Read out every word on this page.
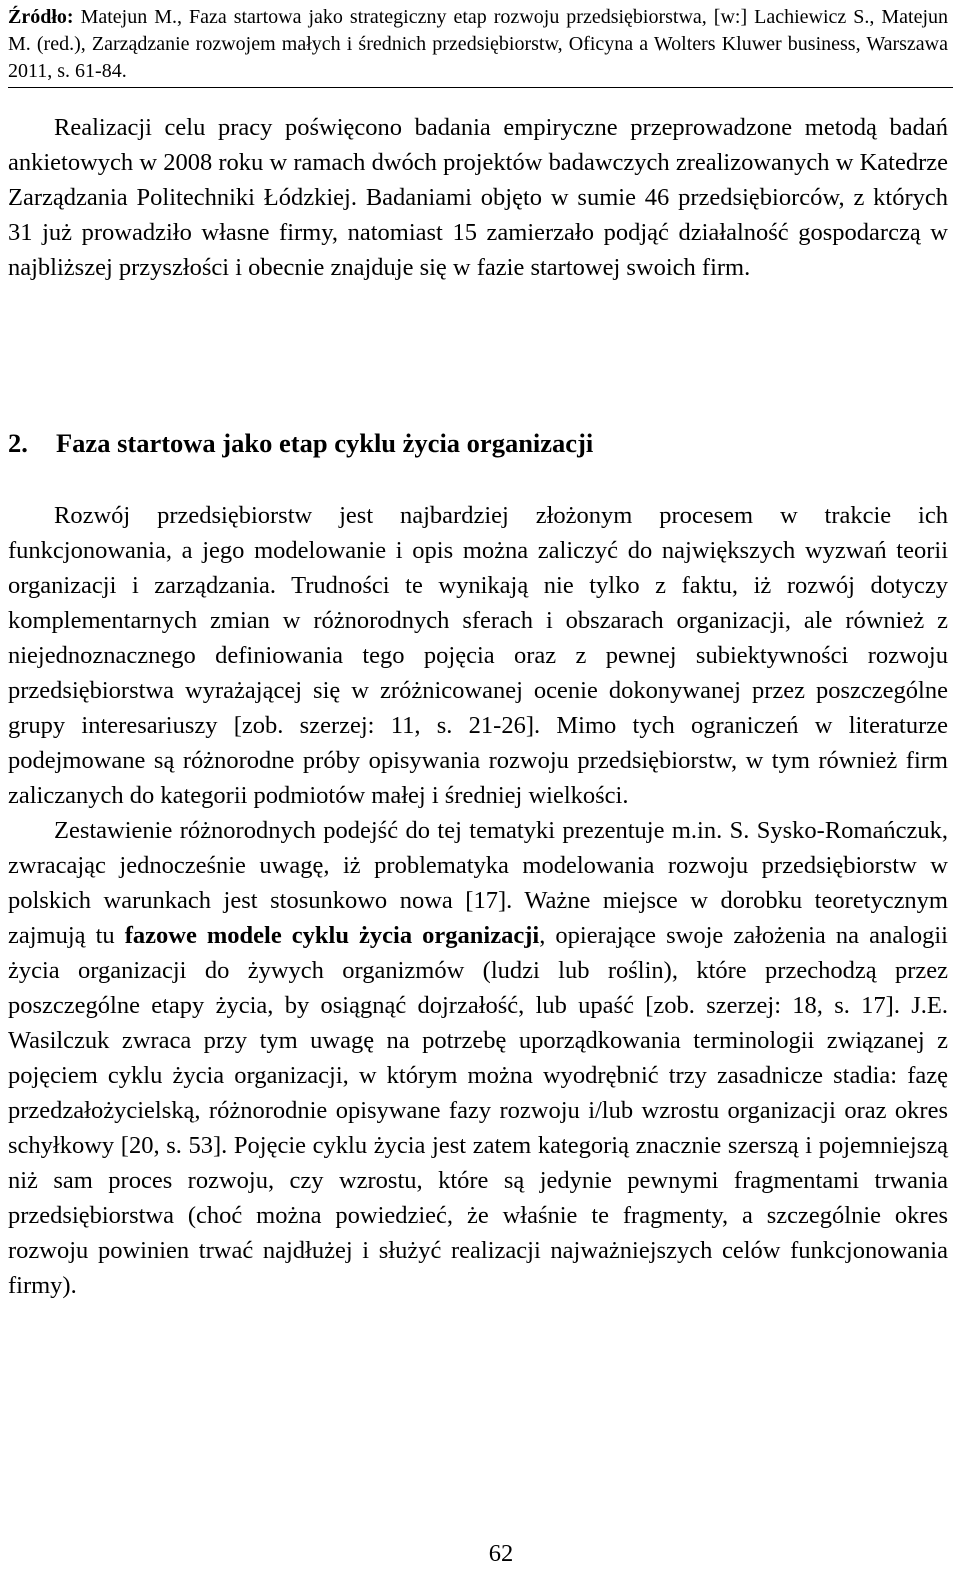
Źródło: Matejun M., Faza startowa jako strategiczny etap rozwoju przedsiębiorstwa, [w:] Lachiewicz S., Matejun M. (red.), Zarządzanie rozwojem małych i średnich przedsiębiorstw, Oficyna a Wolters Kluwer business, Warszawa 2011, s. 61-84.

Realizacji celu pracy poświęcono badania empiryczne przeprowadzone metodą badań ankietowych w 2008 roku w ramach dwóch projektów badawczych zrealizowanych w Katedrze Zarządzania Politechniki Łódzkiej. Badaniami objęto w sumie 46 przedsiębiorców, z których 31 już prowadziło własne firmy, natomiast 15 zamierzało podjąć działalność gospodarczą w najbliższej przyszłości i obecnie znajduje się w fazie startowej swoich firm.

2. Faza startowa jako etap cyklu życia organizacji

Rozwój przedsiębiorstw jest najbardziej złożonym procesem w trakcie ich funkcjonowania, a jego modelowanie i opis można zaliczyć do największych wyzwań teorii organizacji i zarządzania. Trudności te wynikają nie tylko z faktu, iż rozwój dotyczy komplementarnych zmian w różnorodnych sferach i obszarach organizacji, ale również z niejednoznacznego definiowania tego pojęcia oraz z pewnej subiektywności rozwoju przedsiębiorstwa wyrażającej się w zróżnicowanej ocenie dokonywanej przez poszczególne grupy interesariuszy [zob. szerzej: 11, s. 21-26]. Mimo tych ograniczeń w literaturze podejmowane są różnorodne próby opisywania rozwoju przedsiębiorstw, w tym również firm zaliczanych do kategorii podmiotów małej i średniej wielkości.

Zestawienie różnorodnych podejść do tej tematyki prezentuje m.in. S. Sysko-Romańczuk, zwracając jednocześnie uwagę, iż problematyka modelowania rozwoju przedsiębiorstw w polskich warunkach jest stosunkowo nowa [17]. Ważne miejsce w dorobku teoretycznym zajmują tu fazowe modele cyklu życia organizacji, opierające swoje założenia na analogii życia organizacji do żywych organizmów (ludzi lub roślin), które przechodzą przez poszczególne etapy życia, by osiągnąć dojrzałość, lub upaść [zob. szerzej: 18, s. 17]. J.E. Wasilczuk zwraca przy tym uwagę na potrzebę uporządkowania terminologii związanej z pojęciem cyklu życia organizacji, w którym można wyodrębnić trzy zasadnicze stadia: fazę przedzałożycielską, różnorodnie opisywane fazy rozwoju i/lub wzrostu organizacji oraz okres schyłkowy [20, s. 53]. Pojęcie cyklu życia jest zatem kategorią znacznie szerszą i pojemniejszą niż sam proces rozwoju, czy wzrostu, które są jedynie pewnymi fragmentami trwania przedsiębiorstwa (choć można powiedzieć, że właśnie te fragmenty, a szczególnie okres rozwoju powinien trwać najdłużej i służyć realizacji najważniejszych celów funkcjonowania firmy).

62
